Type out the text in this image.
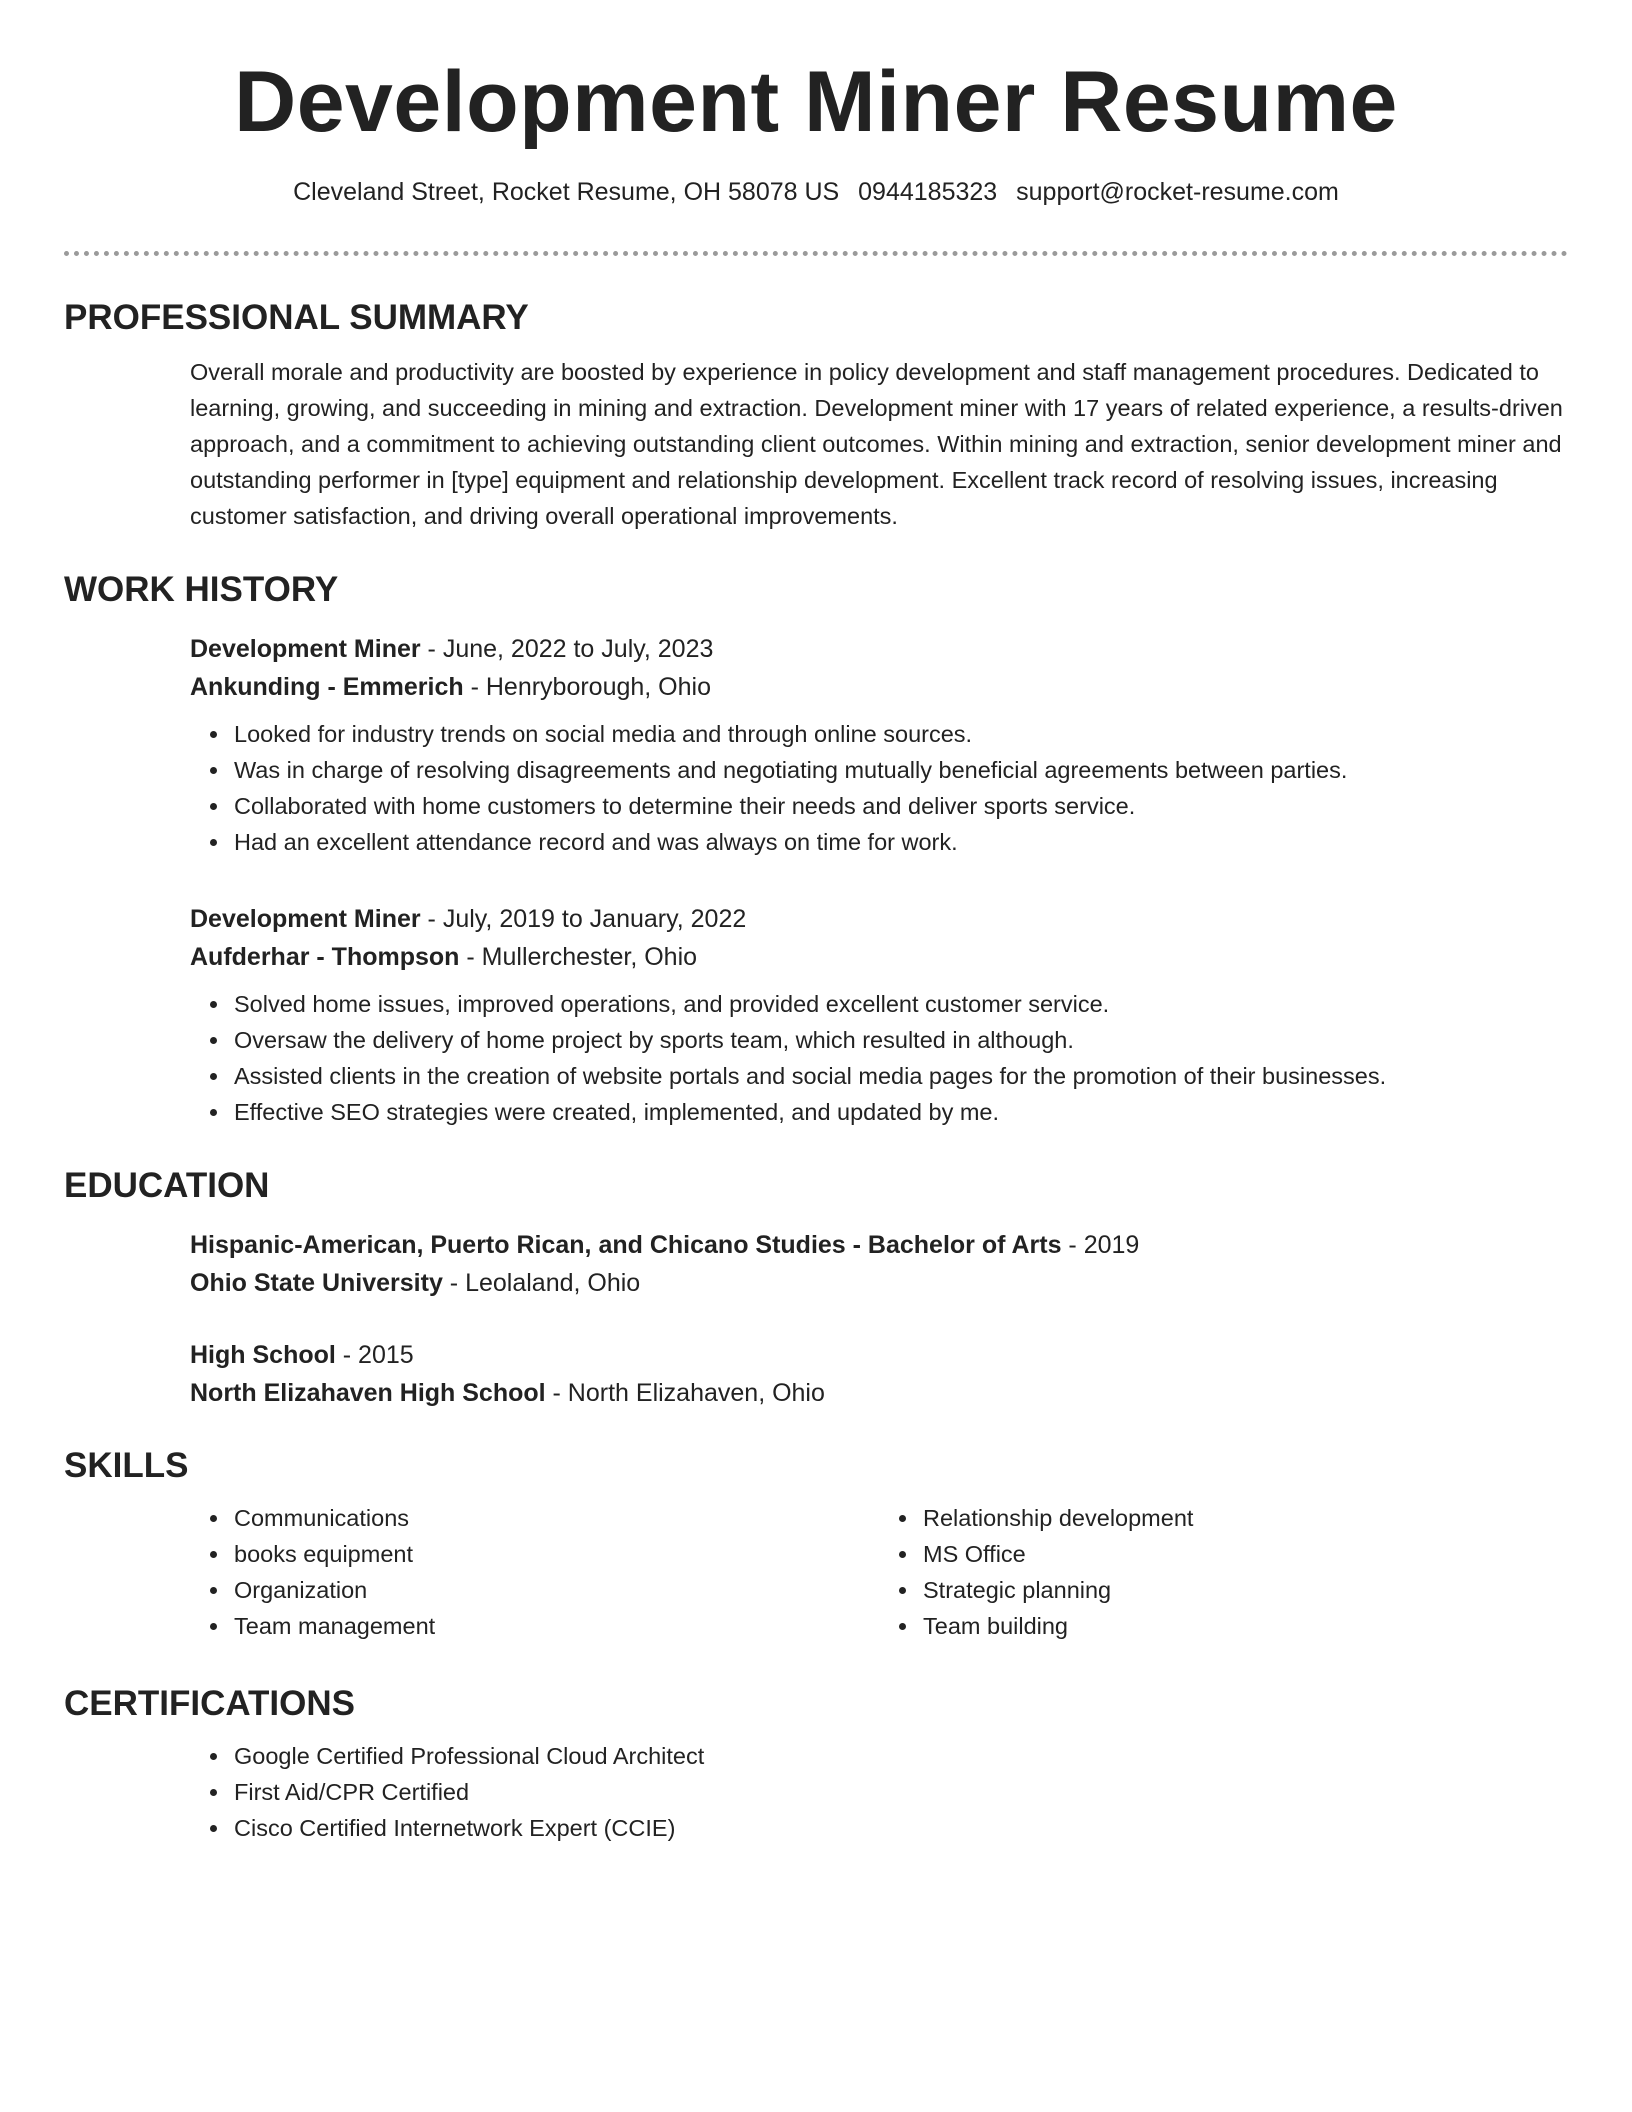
Development Miner Resume
Cleveland Street, Rocket Resume, OH 58078 US 0944185323 support@rocket-resume.com
PROFESSIONAL SUMMARY

Overall morale and productivity are boosted by experience in policy development and staff management procedures. Dedicated to learning, growing, and succeeding in mining and extraction. Development miner with 17 years of related experience, a results-driven approach, and a commitment to achieving outstanding client outcomes. Within mining and extraction, senior development miner and outstanding performer in [type] equipment and relationship development. Excellent track record of resolving issues, increasing customer satisfaction, and driving overall operational improvements.

WORK HISTORY
Development Miner - June, 2022 to July, 2023
Ankunding - Emmerich - Henryborough, Ohio
Looked for industry trends on social media and through online sources.
Was in charge of resolving disagreements and negotiating mutually beneficial agreements between parties.
Collaborated with home customers to determine their needs and deliver sports service.
Had an excellent attendance record and was always on time for work.
Development Miner - July, 2019 to January, 2022
Aufderhar - Thompson - Mullerchester, Ohio
Solved home issues, improved operations, and provided excellent customer service.
Oversaw the delivery of home project by sports team, which resulted in although.
Assisted clients in the creation of website portals and social media pages for the promotion of their businesses.
Effective SEO strategies were created, implemented, and updated by me.
EDUCATION
Hispanic-American, Puerto Rican, and Chicano Studies - Bachelor of Arts - 2019
Ohio State University - Leolaland, Ohio
High School - 2015
North Elizahaven High School - North Elizahaven, Ohio
SKILLS
Communications
books equipment
Organization
Team management
Relationship development
MS Office
Strategic planning
Team building
CERTIFICATIONS
Google Certified Professional Cloud Architect
First Aid/CPR Certified
Cisco Certified Internetwork Expert (CCIE)
